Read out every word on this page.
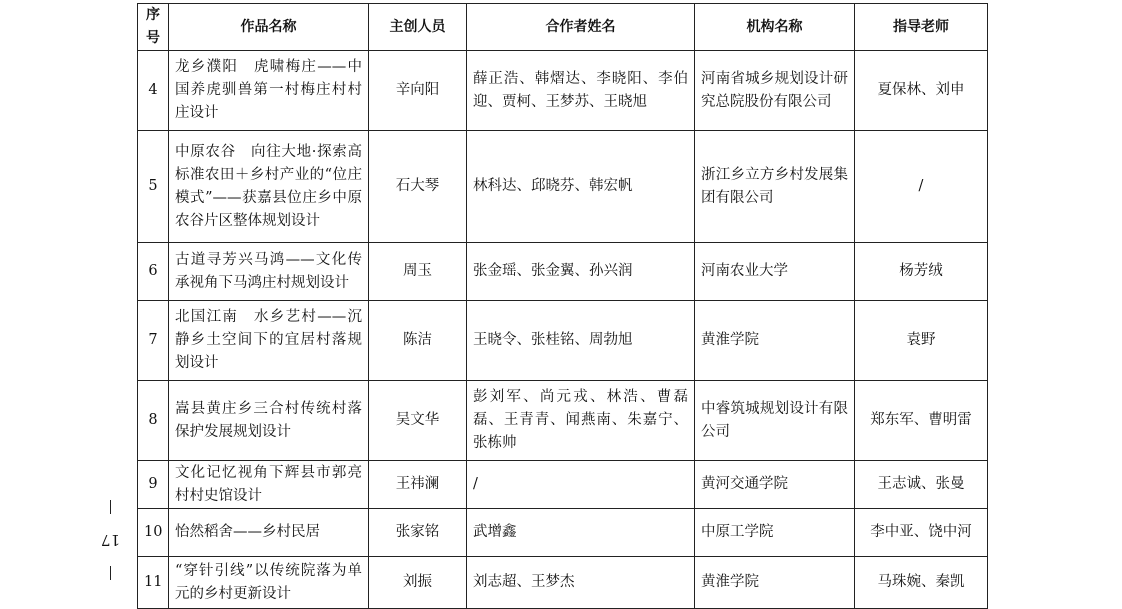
17
序号	作品名称	主创人员	合作者姓名	机构名称	指导老师
4	龙乡濮阳　虎啸梅庄——中国养虎驯兽第一村梅庄村村庄设计	辛向阳	薛正浩、韩熠达、李晓阳、李伯迎、贾柯、王梦苏、王晓旭	河南省城乡规划设计研究总院股份有限公司	夏保林、刘申
5	中原农谷　向往大地·探索高标准农田＋乡村产业的“位庄模式”——获嘉县位庄乡中原农谷片区整体规划设计	石大琴	林科达、邱晓芬、韩宏帆	浙江乡立方乡村发展集团有限公司	/
6	古道寻芳兴马鸿——文化传承视角下马鸿庄村规划设计	周玉	张金瑶、张金翼、孙兴润	河南农业大学	杨芳绒
7	北国江南　水乡艺村——沉静乡土空间下的宜居村落规划设计	陈洁	王晓令、张桂铭、周勃旭	黄淮学院	袁野
8	嵩县黄庄乡三合村传统村落保护发展规划设计	吴文华	彭刘军、尚元戎、林浩、曹磊磊、王青青、闻燕南、朱嘉宁、张栋帅	中睿筑城规划设计有限公司	郑东军、曹明雷
9	文化记忆视角下辉县市郭亮村村史馆设计	王祎澜	/	黄河交通学院	王志诚、张曼
10	怡然稻舍——乡村民居	张家铭	武增鑫	中原工学院	李中亚、饶中河
11	“穿针引线”以传统院落为单元的乡村更新设计	刘振	刘志超、王梦杰	黄淮学院	马珠婉、秦凯
